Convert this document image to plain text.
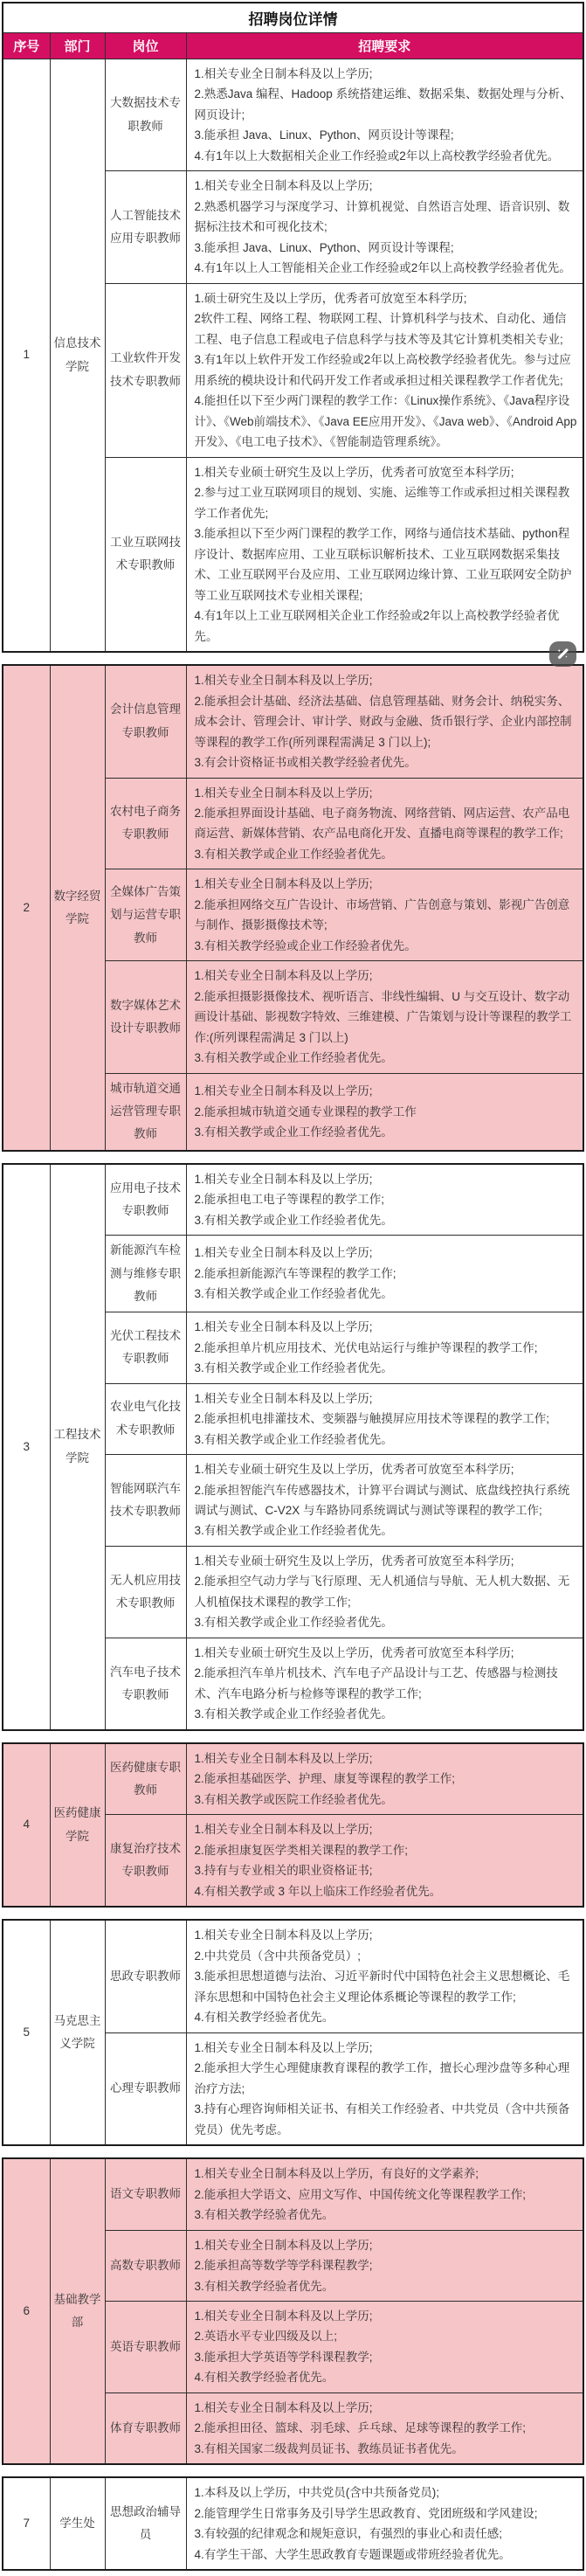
招聘岗位详情			
序号	部门	岗位	招聘要求
1	信息技术学院	大数据技术专职教师	1.相关专业全日制本科及以上学历;
2.熟悉Java 编程、Hadoop 系统搭建运维、数据采集、数据处理与分析、网页设计;
3.能承担 Java、Linux、Python、网页设计等课程;
4.有1年以上大数据相关企业工作经验或2年以上高校教学经验者优先。

		人工智能技术应用专职教师	1.相关专业全日制本科及以上学历;
2.熟悉机器学习与深度学习、计算机视觉、自然语言处理、语音识别、数据标注技术和可视化技术;
3.能承担 Java、Linux、Python、网页设计等课程;
4.有1年以上人工智能相关企业工作经验或2年以上高校教学经验者优先。

		工业软件开发技术专职教师	1.硕士研究生及以上学历，优秀者可放宽至本科学历;
2软件工程、网络工程、物联网工程、计算机科学与技术、自动化、通信工程、电子信息工程或电子信息科学与技术等及其它计算机类相关专业;
3.有1年以上软件开发工作经验或2年以上高校教学经验者优先。参与过应用系统的模块设计和代码开发工作者或承担过相关课程教学工作者优先;
4.能担任以下至少两门课程的教学工作：《Linux操作系统》、《Java程序设计》、《Web前端技术》、《Java EE应用开发》、《Java web》、《Android App 开发》、《电工电子技术》、《智能制造管理系统》。

		工业互联网技术专职教师	1.相关专业硕士研究生及以上学历，优秀者可放宽至本科学历;
2.参与过工业互联网项目的规划、实施、运维等工作或承担过相关课程教学工作者优先;
3.能承担以下至少两门课程的教学工作，网络与通信技术基础、python程序设计、数据库应用、工业互联标识解析技术、工业互联网数据采集技术、工业互联网平台及应用、工业互联网边缘计算、工业互联网安全防护等工业互联网技术专业相关课程;
4.有1年以上工业互联网相关企业工作经验或2年以上高校教学经验者优先。
2	数字经贸学院	会计信息管理专职教师	1.相关专业全日制本科及以上学历;
2.能承担会计基础、经济法基础、信息管理基础、财务会计、纳税实务、成本会计、管理会计、审计学、财政与金融、货币银行学、企业内部控制等课程的教学工作(所列课程需满足 3 门以上);
3.有会计资格证书或相关教学经验者优先。

		农村电子商务专职教师	1.相关专业全日制本科及以上学历;
2.能承担界面设计基础、电子商务物流、网络营销、网店运营、农产品电商运营、新媒体营销、农产品电商化开发、直播电商等课程的教学工作;
3.有相关教学或企业工作经验者优先。

		全媒体广告策划与运营专职教师	1.相关专业全日制本科及以上学历;
2.能承担网络交互广告设计、市场营销、广告创意与策划、影视广告创意与制作、摄影摄像技术等;
3.有相关教学经验或企业工作经验者优先。

		数字媒体艺术设计专职教师	1.相关专业全日制本科及以上学历;
2.能承担摄影摄像技术、视听语言、非线性编辑、U 与交互设计、数字动画设计基础、影视数字特效、三维建模、广告策划与设计等课程的教学工作:(所列课程需满足 3 门以上)
3.有相关教学或企业工作经验者优先。

		城市轨道交通运营管理专职教师	1.相关专业全日制本科及以上学历;
2.能承担城市轨道交通专业课程的教学工作
3.有相关教学或企业工作经验者优先。
3	工程技术学院	应用电子技术专职教师	1.相关专业全日制本科及以上学历;
2.能承担电工电子等课程的教学工作;
3.有相关教学或企业工作经验者优先。

		新能源汽车检测与维修专职教师	1.相关专业全日制本科及以上学历;
2.能承担新能源汽车等课程的教学工作;
3.有相关教学或企业工作经验者优先。

		光伏工程技术专职教师	1.相关专业全日制本科及以上学历;
2.能承担单片机应用技术、光伏电站运行与维护等课程的教学工作;
3.有相关教学或企业工作经验者优先。

		农业电气化技术专职教师	1.相关专业全日制本科及以上学历;
2.能承担机电排灌技术、变频器与触摸屏应用技术等课程的教学工作;
3.有相关教学或企业工作经验者优先。

		智能网联汽车技术专职教师	1.相关专业硕士研究生及以上学历，优秀者可放宽至本科学历;
2.能承担智能汽车传感器技术，计算平台调试与测试、底盘线控执行系统调试与测试、C-V2X 与车路协同系统调试与测试等课程的教学工作;
3.有相关教学或企业工作经验者优先。

		无人机应用技术专职教师	1.相关专业硕士研究生及以上学历，优秀者可放宽至本科学历;
2.能承担空气动力学与飞行原理、无人机通信与导航、无人机大数据、无人机植保技术课程的教学工作;
3.有相关教学或企业工作经验者优先。

		汽车电子技术专职教师	1.相关专业硕士研究生及以上学历，优秀者可放宽至本科学历;
2.能承担汽车单片机技术、汽车电子产品设计与工艺、传感器与检测技术、汽车电路分析与检修等课程的教学工作;
3.有相关教学或企业工作经验者优先。
4	医药健康学院	医药健康专职教师	1.相关专业全日制本科及以上学历;
2.能承担基础医学、护理、康复等课程的教学工作;
3.有相关教学或医院工作经验者优先。

		康复治疗技术专职教师	1.相关专业全日制本科及以上学历;
2.能承担康复医学类相关课程的教学工作;
3.持有与专业相关的职业资格证书;
4.有相关教学或 3 年以上临床工作经验者优先。
5	马克思主义学院	思政专职教师	1.相关专业全日制本科及以上学历;
2.中共党员（含中共预备党员）;
3.能承担思想道德与法治、习近平新时代中国特色社会主义思想概论、毛泽东思想和中国特色社会主义理论体系概论等课程的教学工作;
4.有相关教学经验者优先。

		心理专职教师	1.相关专业全日制本科及以上学历;
2.能承担大学生心理健康教育课程的教学工作，擅长心理沙盘等多种心理治疗方法;
3.持有心理咨询师相关证书、有相关工作经验者、中共党员（含中共预备党员）优先考虑。
6	基础教学部	语文专职教师	1.相关专业全日制本科及以上学历，有良好的文学素养;
2.能承担大学语文、应用文写作、中国传统文化等课程教学工作;
3.有相关教学经验者优先。

		高数专职教师	1.相关专业全日制本科及以上学历;
2.能承担高等数学等学科课程教学;
3.有相关教学经验者优先。

		英语专职教师	1.相关专业全日制本科及以上学历;
2.英语水平专业四级及以上;
3.能承担大学英语等学科课程教学;
4.有相关教学经验者优先。

		体育专职教师	1.相关专业全日制本科及以上学历;
2.能承担田径、篮球、羽毛球、乒乓球、足球等课程的教学工作;
3.有相关国家二级裁判员证书、教练员证书者优先。
7	学生处	思想政治辅导员	
1.本科及以上学历，中共党员(含中共预备党员);
2.能管理学生日常事务及引导学生思政教育、党团班级和学风建设;
3.有较强的纪律观念和规矩意识，有强烈的事业心和责任感;
4.有学生干部、大学生思政教育专题课题或带班经验者优先。
